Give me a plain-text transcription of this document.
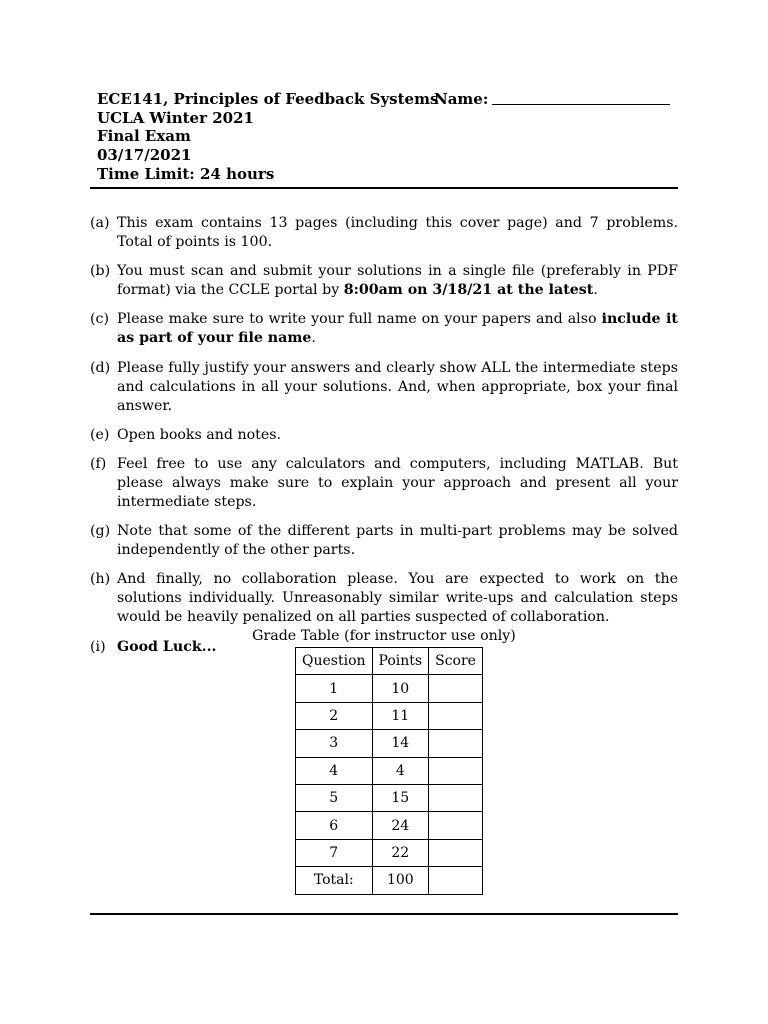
ECE141, Principles of Feedback Systems
UCLA Winter 2021
Final Exam
03/17/2021
Time Limit: 24 hours
Name:
(a) This exam contains 13 pages (including this cover page) and 7 problems. Total of points is 100.
(b) You must scan and submit your solutions in a single file (preferably in PDF format) via the CCLE portal by 8:00am on 3/18/21 at the latest.
(c) Please make sure to write your full name on your papers and also include it as part of your file name.
(d) Please fully justify your answers and clearly show ALL the intermediate steps and calculations in all your solutions. And, when appropriate, box your final answer.
(e) Open books and notes.
(f) Feel free to use any calculators and computers, including MATLAB. But please always make sure to explain your approach and present all your intermediate steps.
(g) Note that some of the different parts in multi-part problems may be solved independently of the other parts.
(h) And finally, no collaboration please. You are expected to work on the solutions individually. Unreasonably similar write-ups and calculation steps would be heavily penalized on all parties suspected of collaboration.
(i) Good Luck...
Grade Table (for instructor use only)
Question	Points	Score
1	10	
2	11	
3	14	
4	4	
5	15	
6	24	
7	22	
Total:	100	
